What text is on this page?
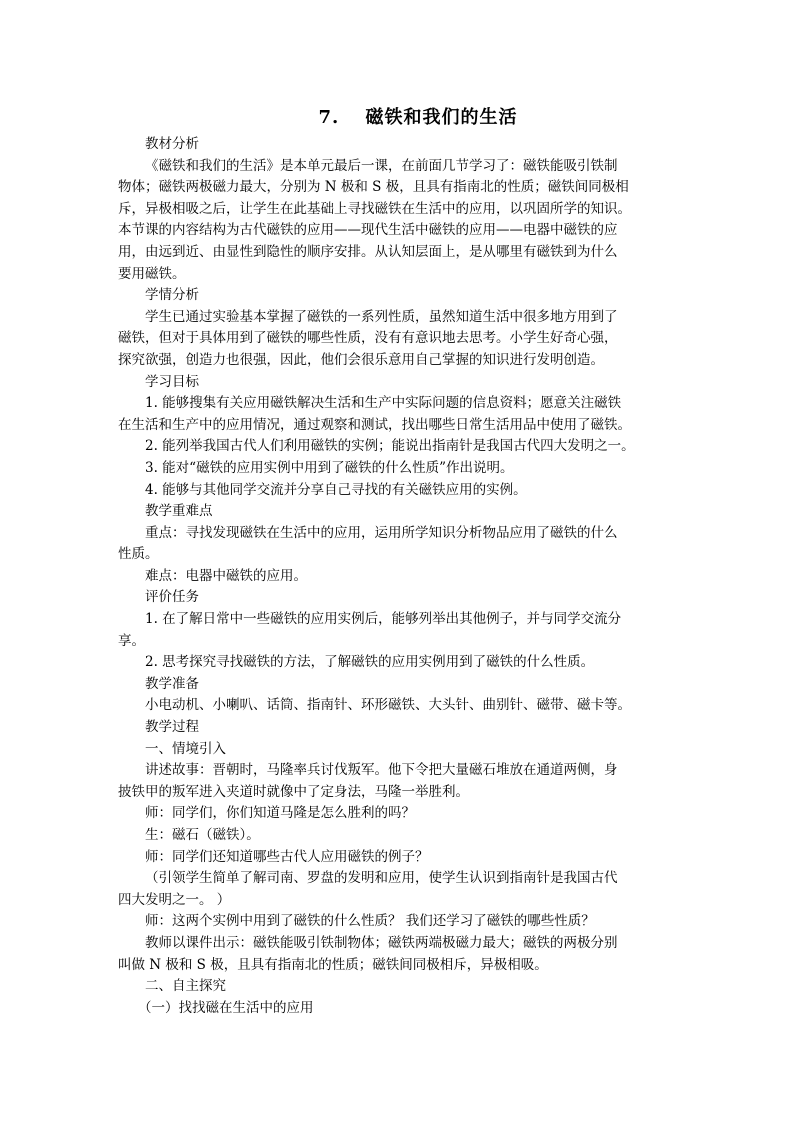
7.　 磁铁和我们的生活
教材分析
《磁铁和我们的生活》是本单元最后一课，在前面几节学习了：磁铁能吸引铁制
物体；磁铁两极磁力最大，分别为 N 极和 S 极，且具有指南北的性质；磁铁间同极相
斥，异极相吸之后，让学生在此基础上寻找磁铁在生活中的应用，以巩固所学的知识。
本节课的内容结构为古代磁铁的应用——现代生活中磁铁的应用——电器中磁铁的应
用，由远到近、由显性到隐性的顺序安排。从认知层面上，是从哪里有磁铁到为什么
要用磁铁。
学情分析
学生已通过实验基本掌握了磁铁的一系列性质，虽然知道生活中很多地方用到了
磁铁，但对于具体用到了磁铁的哪些性质，没有有意识地去思考。小学生好奇心强，
探究欲强，创造力也很强，因此，他们会很乐意用自己掌握的知识进行发明创造。
学习目标
1. 能够搜集有关应用磁铁解决生活和生产中实际问题的信息资料；愿意关注磁铁
在生活和生产中的应用情况，通过观察和测试，找出哪些日常生活用品中使用了磁铁。
2. 能列举我国古代人们利用磁铁的实例；能说出指南针是我国古代四大发明之一。
3. 能对“磁铁的应用实例中用到了磁铁的什么性质”作出说明。
4. 能够与其他同学交流并分享自己寻找的有关磁铁应用的实例。
教学重难点
重点：寻找发现磁铁在生活中的应用，运用所学知识分析物品应用了磁铁的什么
性质。
难点：电器中磁铁的应用。
评价任务
1. 在了解日常中一些磁铁的应用实例后，能够列举出其他例子，并与同学交流分
享。
2. 思考探究寻找磁铁的方法，了解磁铁的应用实例用到了磁铁的什么性质。
教学准备
小电动机、小喇叭、话筒、指南针、环形磁铁、大头针、曲别针、磁带、磁卡等。
教学过程
一、情境引入
讲述故事：晋朝时，马隆率兵讨伐叛军。他下令把大量磁石堆放在通道两侧，身
披铁甲的叛军进入夹道时就像中了定身法，马隆一举胜利。
师：同学们，你们知道马隆是怎么胜利的吗？
生：磁石（磁铁）。
师：同学们还知道哪些古代人应用磁铁的例子？
（引领学生简单了解司南、罗盘的发明和应用，使学生认识到指南针是我国古代
四大发明之一。 ）
师：这两个实例中用到了磁铁的什么性质？ 我们还学习了磁铁的哪些性质？
教师以课件出示：磁铁能吸引铁制物体；磁铁两端极磁力最大；磁铁的两极分别
叫做 N 极和 S 极，且具有指南北的性质；磁铁间同极相斥，异极相吸。
二、自主探究
（一）找找磁在生活中的应用
